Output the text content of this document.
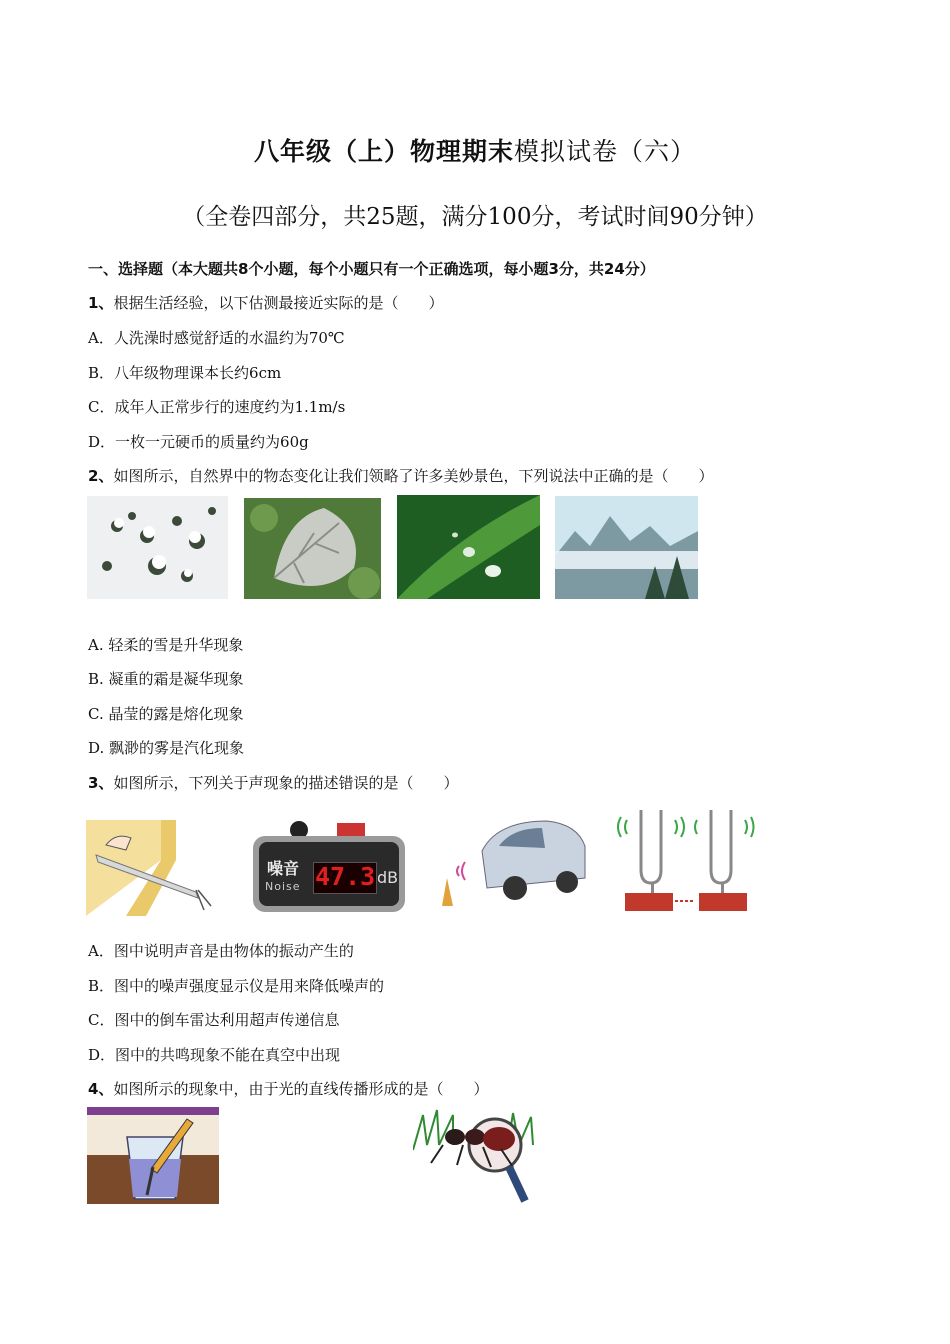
八年级（上）物理期末模拟试卷（六）
（全卷四部分，共25题，满分100分，考试时间90分钟）
一、选择题（本大题共8个小题，每个小题只有一个正确选项，每小题3分，共24分）
1、根据生活经验，以下估测最接近实际的是（　　）
A．人洗澡时感觉舒适的水温约为70℃
B．八年级物理课本长约6cm
C．成年人正常步行的速度约为1.1m/s
D．一枚一元硬币的质量约为60g
2、如图所示，自然界中的物态变化让我们领略了许多美妙景色，下列说法中正确的是（　　）
A. 轻柔的雪是升华现象
B. 凝重的霜是凝华现象
C. 晶莹的露是熔化现象
D. 飘渺的雾是汽化现象
3、如图所示，下列关于声现象的描述错误的是（　　）
噪音
Noise 47.3 dB
A．图中说明声音是由物体的振动产生的
B．图中的噪声强度显示仪是用来降低噪声的
C．图中的倒车雷达利用超声传递信息
D．图中的共鸣现象不能在真空中出现
4、如图所示的现象中，由于光的直线传播形成的是（　　）
